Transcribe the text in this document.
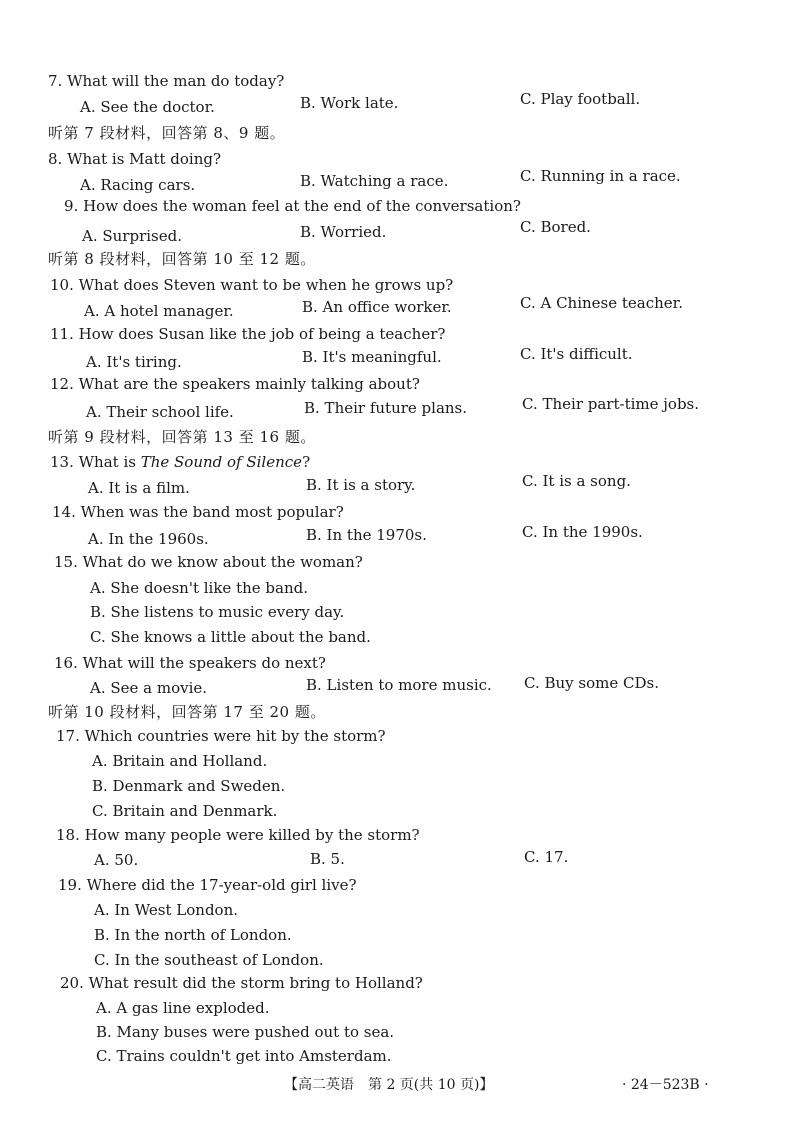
7. What will the man do today?
A. See the doctor.	B. Work late.	C. Play football.
听第 7 段材料，回答第 8、9 题。
8. What is Matt doing?
A. Racing cars.	B. Watching a race.	C. Running in a race.
9. How does the woman feel at the end of the conversation?
A. Surprised.	B. Worried.	C. Bored.
听第 8 段材料，回答第 10 至 12 题。
10. What does Steven want to be when he grows up?
A. A hotel manager.	B. An office worker.	C. A Chinese teacher.
11. How does Susan like the job of being a teacher?
A. It's tiring.	B. It's meaningful.	C. It's difficult.
12. What are the speakers mainly talking about?
A. Their school life.	B. Their future plans.	C. Their part-time jobs.
听第 9 段材料，回答第 13 至 16 题。
13. What is The Sound of Silence?
A. It is a film.	B. It is a story.	C. It is a song.
14. When was the band most popular?
A. In the 1960s.	B. In the 1970s.	C. In the 1990s.
15. What do we know about the woman?
A. She doesn't like the band.
B. She listens to music every day.
C. She knows a little about the band.
16. What will the speakers do next?
A. See a movie.	B. Listen to more music. C. Buy some CDs.
听第 10 段材料，回答第 17 至 20 题。
17. Which countries were hit by the storm?
A. Britain and Holland.
B. Denmark and Sweden.
C. Britain and Denmark.
18. How many people were killed by the storm?
A. 50.	B. 5.	C. 17.
19. Where did the 17-year-old girl live?
A. In West London.
B. In the north of London.
C. In the southeast of London.
20. What result did the storm bring to Holland?
A. A gas line exploded.
B. Many buses were pushed out to sea.
C. Trains couldn't get into Amsterdam.
【高二英语　第 2 页(共 10 页)】	· 24－523B ·
